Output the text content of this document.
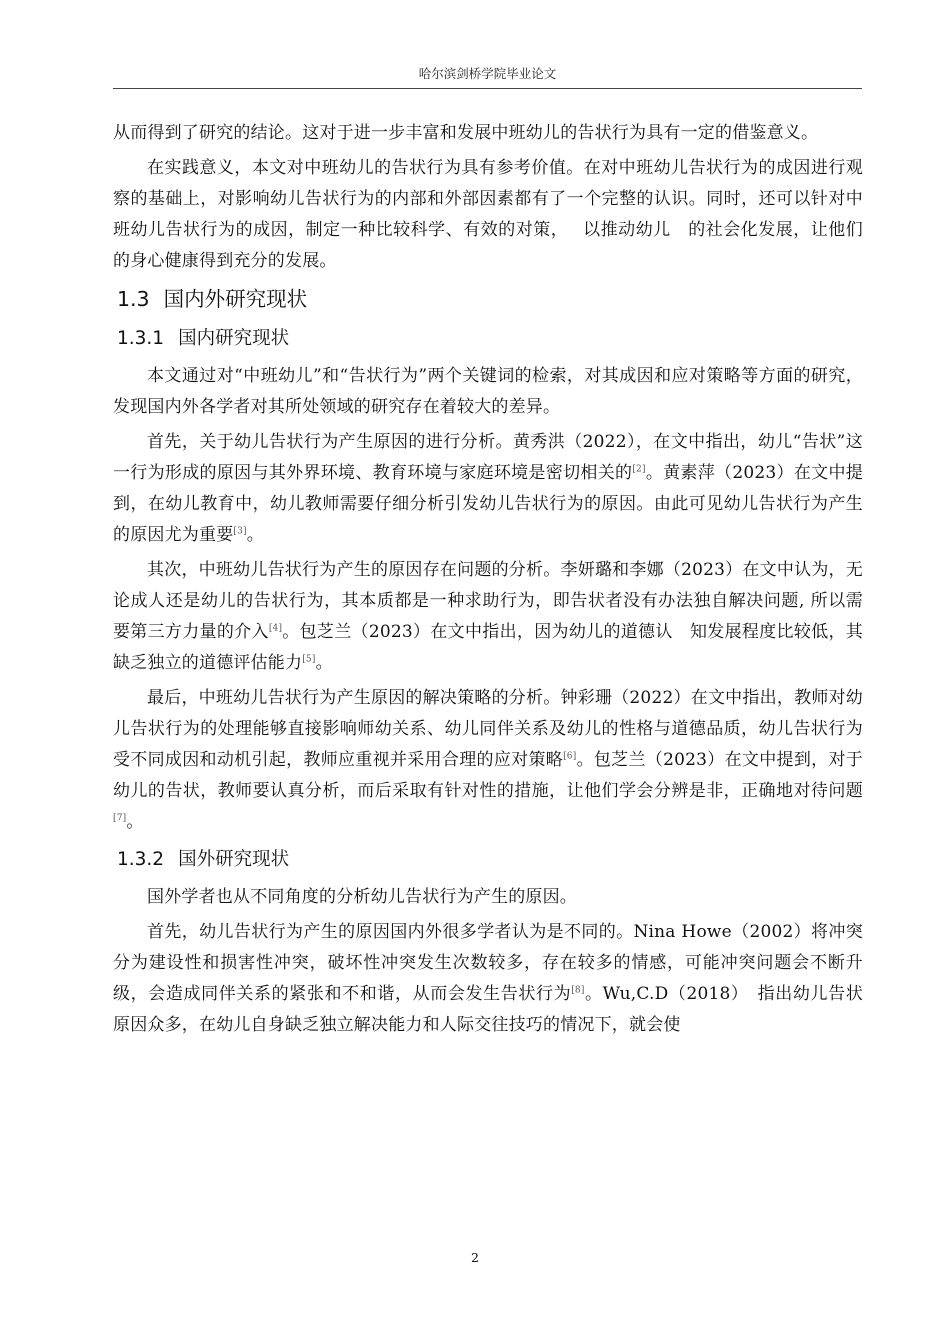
哈尔滨剑桥学院毕业论文

从而得到了研究的结论。这对于进一步丰富和发展中班幼儿的告状行为具有一定的借鉴意义。

在实践意义，本文对中班幼儿的告状行为具有参考价值。在对中班幼儿告状行为的成因进行观察的基础上，对影响幼儿告状行为的内部和外部因素都有了一个完整的认识。同时，还可以针对中班幼儿告状行为的成因，制定一种比较科学、有效的对策，　 以推动幼儿　的社会化发展，让他们的身心健康得到充分的发展。

1.3 国内外研究现状
1.3.1 国内研究现状

本文通过对“中班幼儿”和“告状行为”两个关键词的检索，对其成因和应对策略等方面的研究，发现国内外各学者对其所处领域的研究存在着较大的差异。

首先，关于幼儿告状行为产生原因的进行分析。黄秀洪（2022），在文中指出，幼儿“告状”这一行为形成的原因与其外界环境、教育环境与家庭环境是密切相关的[2]。黄素萍（2023）在文中提到，在幼儿教育中，幼儿教师需要仔细分析引发幼儿告状行为的原因。由此可见幼儿告状行为产生的原因尤为重要[3]。

其次，中班幼儿告状行为产生的原因存在问题的分析。李妍璐和李娜（2023）在文中认为，无论成人还是幼儿的告状行为，其本质都是一种求助行为，即告状者没有办法独自解决问题, 所以需要第三方力量的介入[4]。包芝兰（2023）在文中指出，因为幼儿的道德认　知发展程度比较低，其缺乏独立的道德评估能力[5]。

最后，中班幼儿告状行为产生原因的解决策略的分析。钟彩珊（2022）在文中指出，教师对幼儿告状行为的处理能够直接影响师幼关系、幼儿同伴关系及幼儿的性格与道德品质，幼儿告状行为受不同成因和动机引起，教师应重视并采用合理的应对策略[6]。包芝兰（2023）在文中提到，对于幼儿的告状，教师要认真分析，而后采取有针对性的措施，让他们学会分辨是非，正确地对待问题[7]。

1.3.2 国外研究现状

国外学者也从不同角度的分析幼儿告状行为产生的原因。

首先，幼儿告状行为产生的原因国内外很多学者认为是不同的。Nina Howe（2002）将冲突分为建设性和损害性冲突，破坏性冲突发生次数较多，存在较多的情感，可能冲突问题会不断升级，会造成同伴关系的紧张和不和谐，从而会发生告状行为[8]。Wu,C.D（2018）　指出幼儿告状原因众多，在幼儿自身缺乏独立解决能力和人际交往技巧的情况下，就会使

2
